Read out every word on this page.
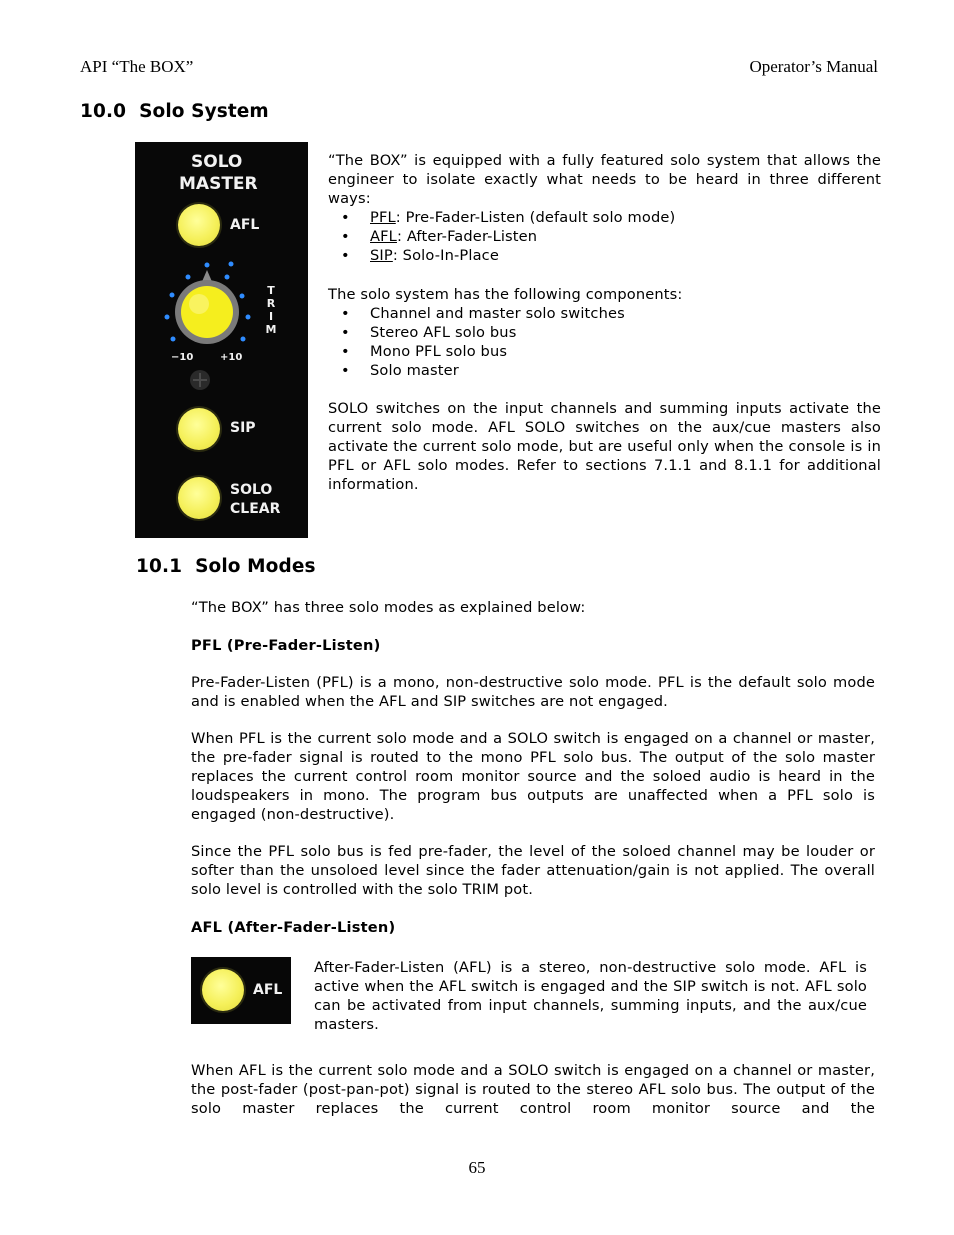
API “The BOX”	Operator’s Manual
10.0  Solo System
SOLO
MASTER
AFL
T
R
I
M
−10	+10
SIP
SOLO
CLEAR

“The BOX” is equipped with a fully featured solo system that allows the engineer to isolate exactly what needs to be heard in three different ways:

• PFL: Pre-Fader-Listen (default solo mode)
• AFL: After-Fader-Listen
• SIP: Solo-In-Place

The solo system has the following components:

• Channel and master solo switches
• Stereo AFL solo bus
• Mono PFL solo bus
• Solo master

SOLO switches on the input channels and summing inputs activate the current solo mode. AFL SOLO switches on the aux/cue masters also activate the current solo mode, but are useful only when the console is in PFL or AFL solo modes. Refer to sections 7.1.1 and 8.1.1 for additional information.

10.1  Solo Modes

“The BOX” has three solo modes as explained below:

PFL (Pre-Fader-Listen)

Pre-Fader-Listen (PFL) is a mono, non-destructive solo mode. PFL is the default solo mode and is enabled when the AFL and SIP switches are not engaged.

When PFL is the current solo mode and a SOLO switch is engaged on a channel or master, the pre-fader signal is routed to the mono PFL solo bus. The output of the solo master replaces the current control room monitor source and the soloed audio is heard in the loudspeakers in mono. The program bus outputs are unaffected when a PFL solo is engaged (non-destructive).

Since the PFL solo bus is fed pre-fader, the level of the soloed channel may be louder or softer than the unsoloed level since the fader attenuation/gain is not applied. The overall solo level is controlled with the solo TRIM pot.

AFL (After-Fader-Listen)

AFL
After-Fader-Listen (AFL) is a stereo, non-destructive solo mode. AFL is active when the AFL switch is engaged and the SIP switch is not. AFL solo can be activated from input channels, summing inputs, and the aux/cue masters.
When AFL is the current solo mode and a SOLO switch is engaged on a channel or master, the post-fader (post-pan-pot) signal is routed to the stereo AFL solo bus. The output of the solo master replaces the current control room monitor source and the
65
